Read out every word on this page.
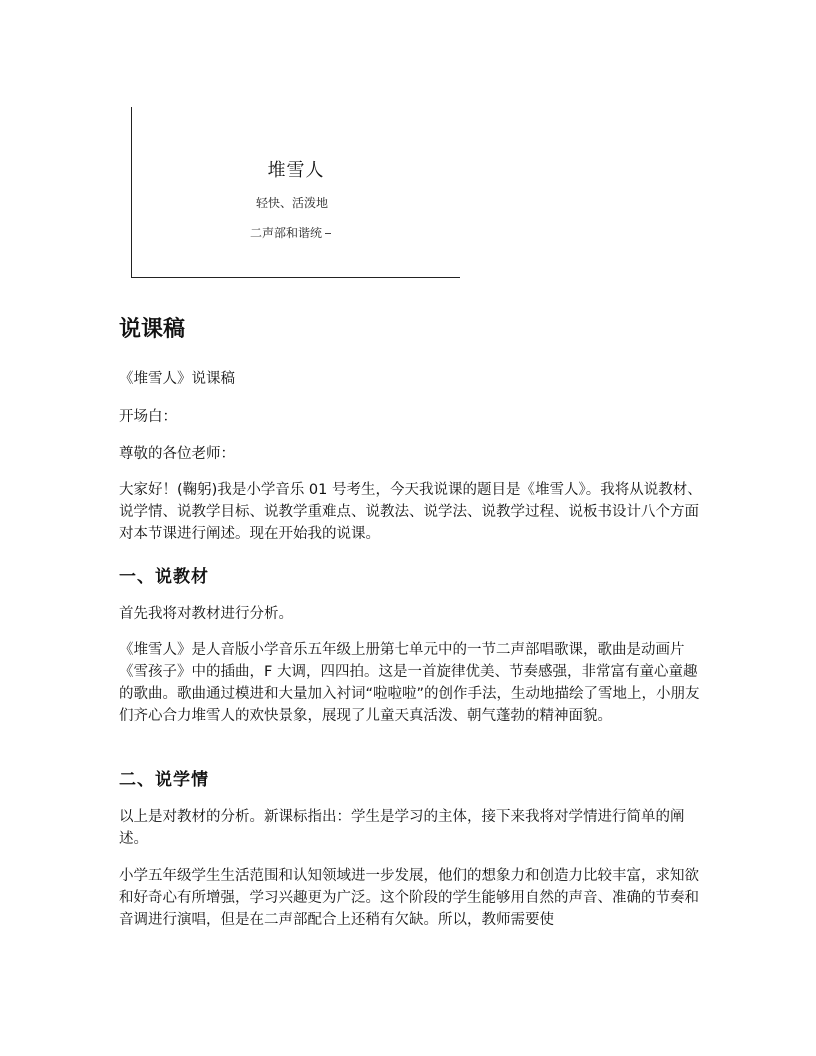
堆雪人
轻快、活泼地
二声部和谐统
说课稿

《堆雪人》说课稿

开场白：

尊敬的各位老师：

大家好！(鞠躬)我是小学音乐 01 号考生，今天我说课的题目是《堆雪人》。我将从说教材、说学情、说教学目标、说教学重难点、说教法、说学法、说教学过程、说板书设计八个方面对本节课进行阐述。现在开始我的说课。

一、说教材

首先我将对教材进行分析。

《堆雪人》是人音版小学音乐五年级上册第七单元中的一节二声部唱歌课，歌曲是动画片《雪孩子》中的插曲，F 大调，四四拍。这是一首旋律优美、节奏感强，非常富有童心童趣的歌曲。歌曲通过模进和大量加入衬词“啦啦啦”的创作手法，生动地描绘了雪地上，小朋友们齐心合力堆雪人的欢快景象，展现了儿童天真活泼、朝气蓬勃的精神面貌。

二、说学情

以上是对教材的分析。新课标指出：学生是学习的主体，接下来我将对学情进行简单的阐述。

小学五年级学生生活范围和认知领域进一步发展，他们的想象力和创造力比较丰富，求知欲和好奇心有所增强，学习兴趣更为广泛。这个阶段的学生能够用自然的声音、准确的节奏和音调进行演唱，但是在二声部配合上还稍有欠缺。所以，教师需要使
